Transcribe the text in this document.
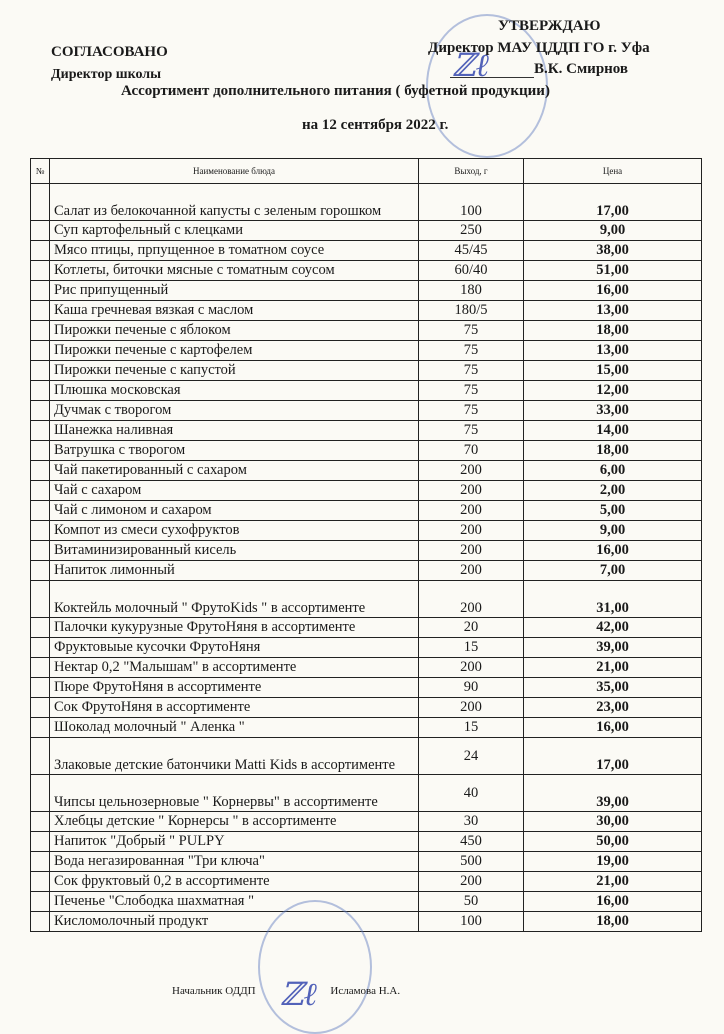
ℤℓ
УТВЕРЖДАЮ
Директор МАУ ЦДДП ГО г. Уфа
В.К. Смирнов
СОГЛАСОВАНО
Директор школы
Ассортимент дополнительного питания ( буфетной продукции)
на 12 сентября 2022 г.
№	Наименование блюда	Выход, г	Цена
	Салат из белокочанной капусты с зеленым горошком	100	17,00
	Суп картофельный с клецками	250	9,00
	Мясо птицы, прпущенное в томатном соусе	45/45	38,00
	Котлеты, биточки мясные с томатным соусом	60/40	51,00
	Рис припущенный	180	16,00
	Каша гречневая вязкая с маслом	180/5	13,00
	Пирожки печеные с яблоком	75	18,00
	Пирожки печеные с картофелем	75	13,00
	Пирожки печеные с капустой	75	15,00
	Плюшка московская	75	12,00
	Дучмак с творогом	75	33,00
	Шанежка наливная	75	14,00
	Ватрушка с творогом	70	18,00
	Чай пакетированный с сахаром	200	6,00
	Чай с сахаром	200	2,00
	Чай с лимоном и сахаром	200	5,00
	Компот из смеси сухофруктов	200	9,00
	Витаминизированный кисель	200	16,00
	Напиток лимонный	200	7,00
	Коктейль молочный " ФрутоKids " в ассортименте	200	31,00
	Палочки кукурузные ФрутоНяня в ассортименте	20	42,00
	Фруктовыые кусочки ФрутоНяня	15	39,00
	Нектар 0,2 "Малышам" в ассортименте	200	21,00
	Пюре ФрутоНяня в ассортименте	90	35,00
	Сок ФрутоНяня в ассортименте	200	23,00
	Шоколад молочный " Аленка "	15	16,00
	Злаковые детские батончики Matti Kids в ассортименте	24	17,00
	Чипсы цельнозерновые " Корнервы" в ассортименте	40	39,00
	Хлебцы детские " Корнерсы " в ассортименте	30	30,00
	Напиток "Добрый " PULPY	450	50,00
	Вода негазированная "Три ключа"	500	19,00
	Сок фруктовый 0,2 в ассортименте	200	21,00
	Печенье "Слободка шахматная "	50	16,00
	Кисломолочный продукт	100	18,00
ℤℓ
Начальник ОДДП	Исламова Н.А.
